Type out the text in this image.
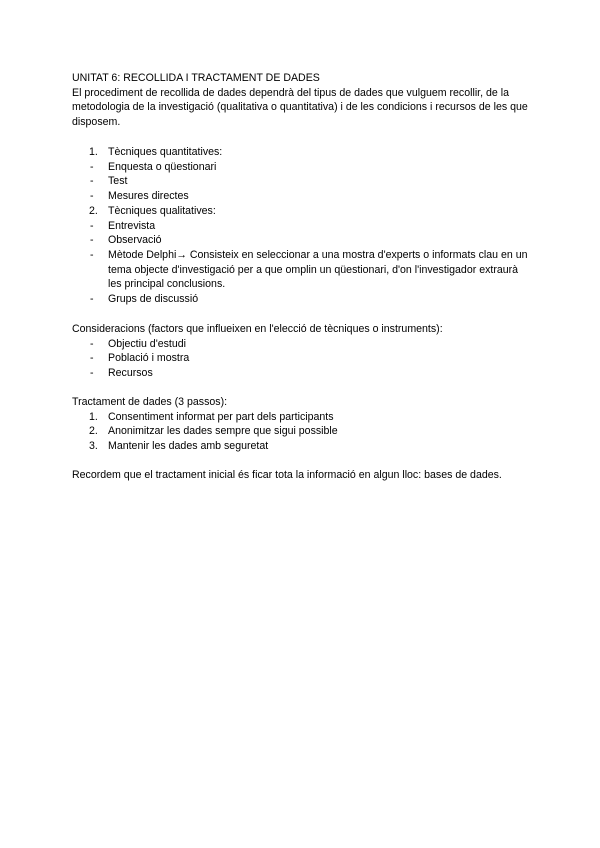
UNITAT 6: RECOLLIDA I TRACTAMENT DE DADES
El procediment de recollida de dades dependrà del tipus de dades que vulguem recollir, de la metodologia de la investigació (qualitativa o quantitativa) i de les condicions i recursos de les que disposem.
1. Tècniques quantitatives:
-	Enquesta o qüestionari
-	Test
-	Mesures directes
2. Tècniques qualitatives:
-	Entrevista
-	Observació
-	Mètode Delphi→ Consisteix en seleccionar a una mostra d'experts o informats clau en un tema objecte d'investigació per a que omplin un qüestionari, d'on l'investigador extraurà les principal conclusions.
-	Grups de discussió
Consideracions (factors que influeixen en l'elecció de tècniques o instruments):
-	Objectiu d'estudi
-	Població i mostra
-	Recursos
Tractament de dades (3 passos):
1. Consentiment informat per part dels participants
2. Anonimitzar les dades sempre que sigui possible
3. Mantenir les dades amb seguretat
Recordem que el tractament inicial és ficar tota la informació en algun lloc: bases de dades.
